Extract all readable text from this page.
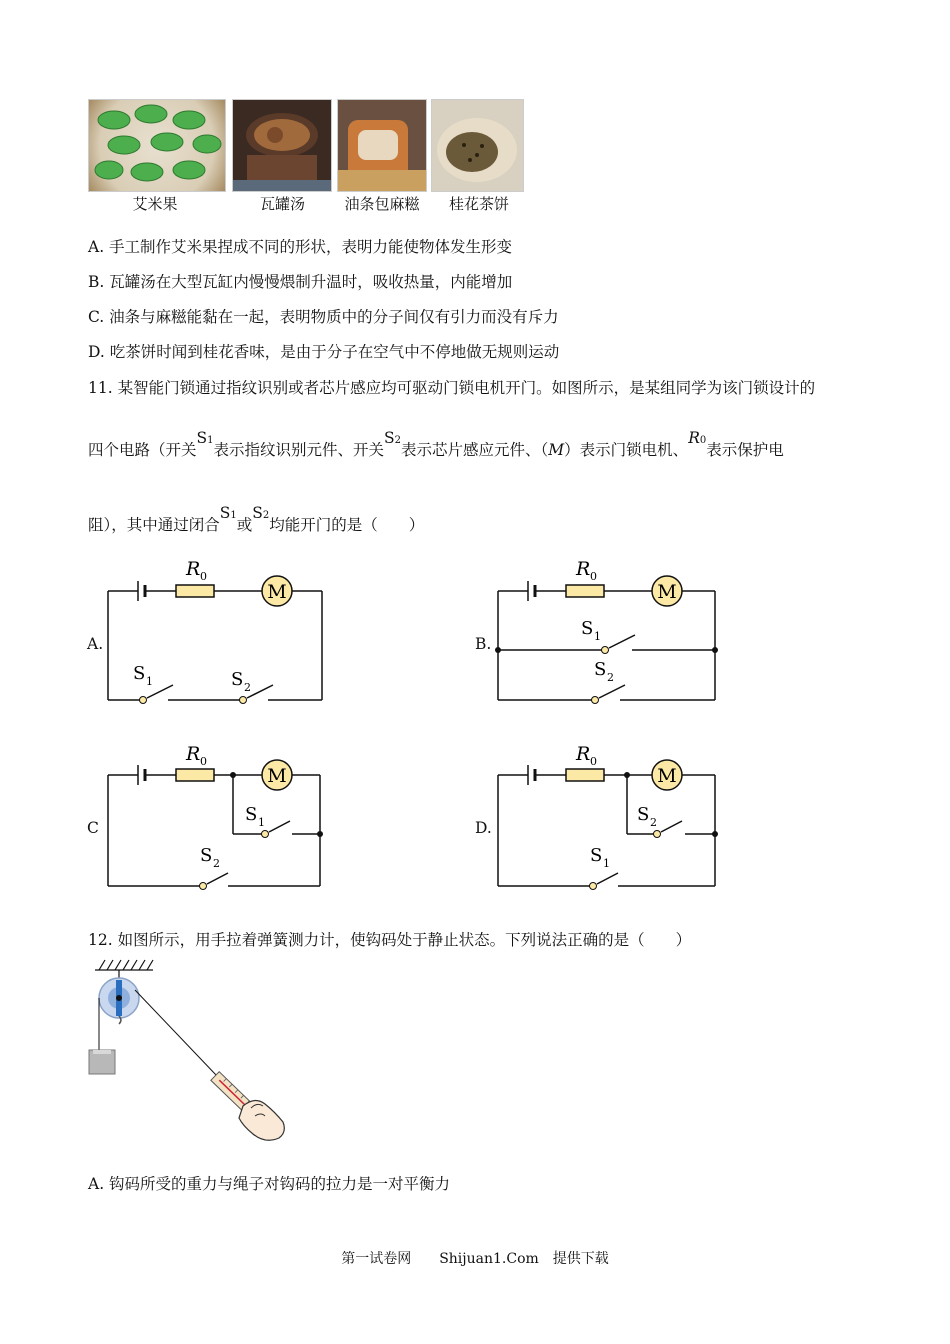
艾米果	瓦罐汤	油条包麻糍	桂花茶饼
A. 手工制作艾米果捏成不同的形状，表明力能使物体发生形变
B. 瓦罐汤在大型瓦缸内慢慢煨制升温时，吸收热量，内能增加
C. 油条与麻糍能黏在一起，表明物质中的分子间仅有引力而没有斥力
D. 吃茶饼时闻到桂花香味，是由于分子在空气中不停地做无规则运动
11. 某智能门锁通过指纹识别或者芯片感应均可驱动门锁电机开门。如图所示，是某组同学为该门锁设计的
四个电路（开关S1表示指纹识别元件、开关S2表示芯片感应元件、（M）表示门锁电机、R0表示保护电
阻），其中通过闭合S1或S2均能开门的是（　　）
A.	B.
C	D.
M
R 0
S 1	S 2
M
R 0
S 1
S 2
M
R 0
S 1
S 2
M
R 0
S 2
S 1
12. 如图所示，用手拉着弹簧测力计，使钩码处于静止状态。下列说法正确的是（　　）
A. 钩码所受的重力与绳子对钩码的拉力是一对平衡力
第一试卷网　　Shijuan1.Com　提供下载
